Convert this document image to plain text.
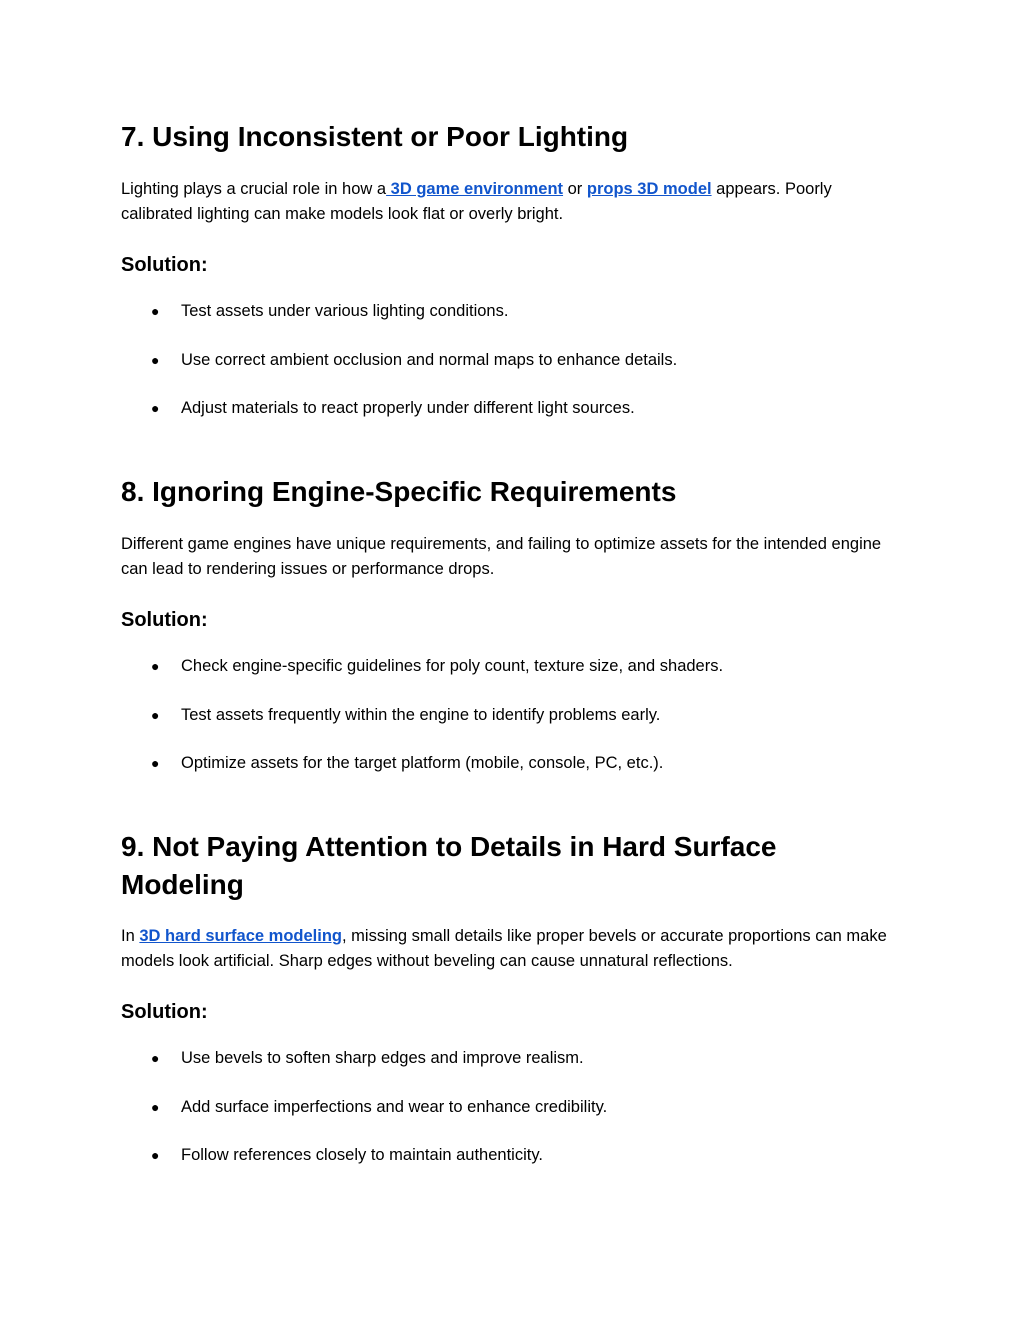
7. Using Inconsistent or Poor Lighting

Lighting plays a crucial role in how a 3D game environment or props 3D model appears. Poorly calibrated lighting can make models look flat or overly bright.

Solution:
● Test assets under various lighting conditions.
● Use correct ambient occlusion and normal maps to enhance details.
● Adjust materials to react properly under different light sources.
8. Ignoring Engine-Specific Requirements

Different game engines have unique requirements, and failing to optimize assets for the intended engine can lead to rendering issues or performance drops.

Solution:
● Check engine-specific guidelines for poly count, texture size, and shaders.
● Test assets frequently within the engine to identify problems early.
● Optimize assets for the target platform (mobile, console, PC, etc.).
9. Not Paying Attention to Details in Hard Surface Modeling

In 3D hard surface modeling, missing small details like proper bevels or accurate proportions can make models look artificial. Sharp edges without beveling can cause unnatural reflections.

Solution:
● Use bevels to soften sharp edges and improve realism.
● Add surface imperfections and wear to enhance credibility.
● Follow references closely to maintain authenticity.
